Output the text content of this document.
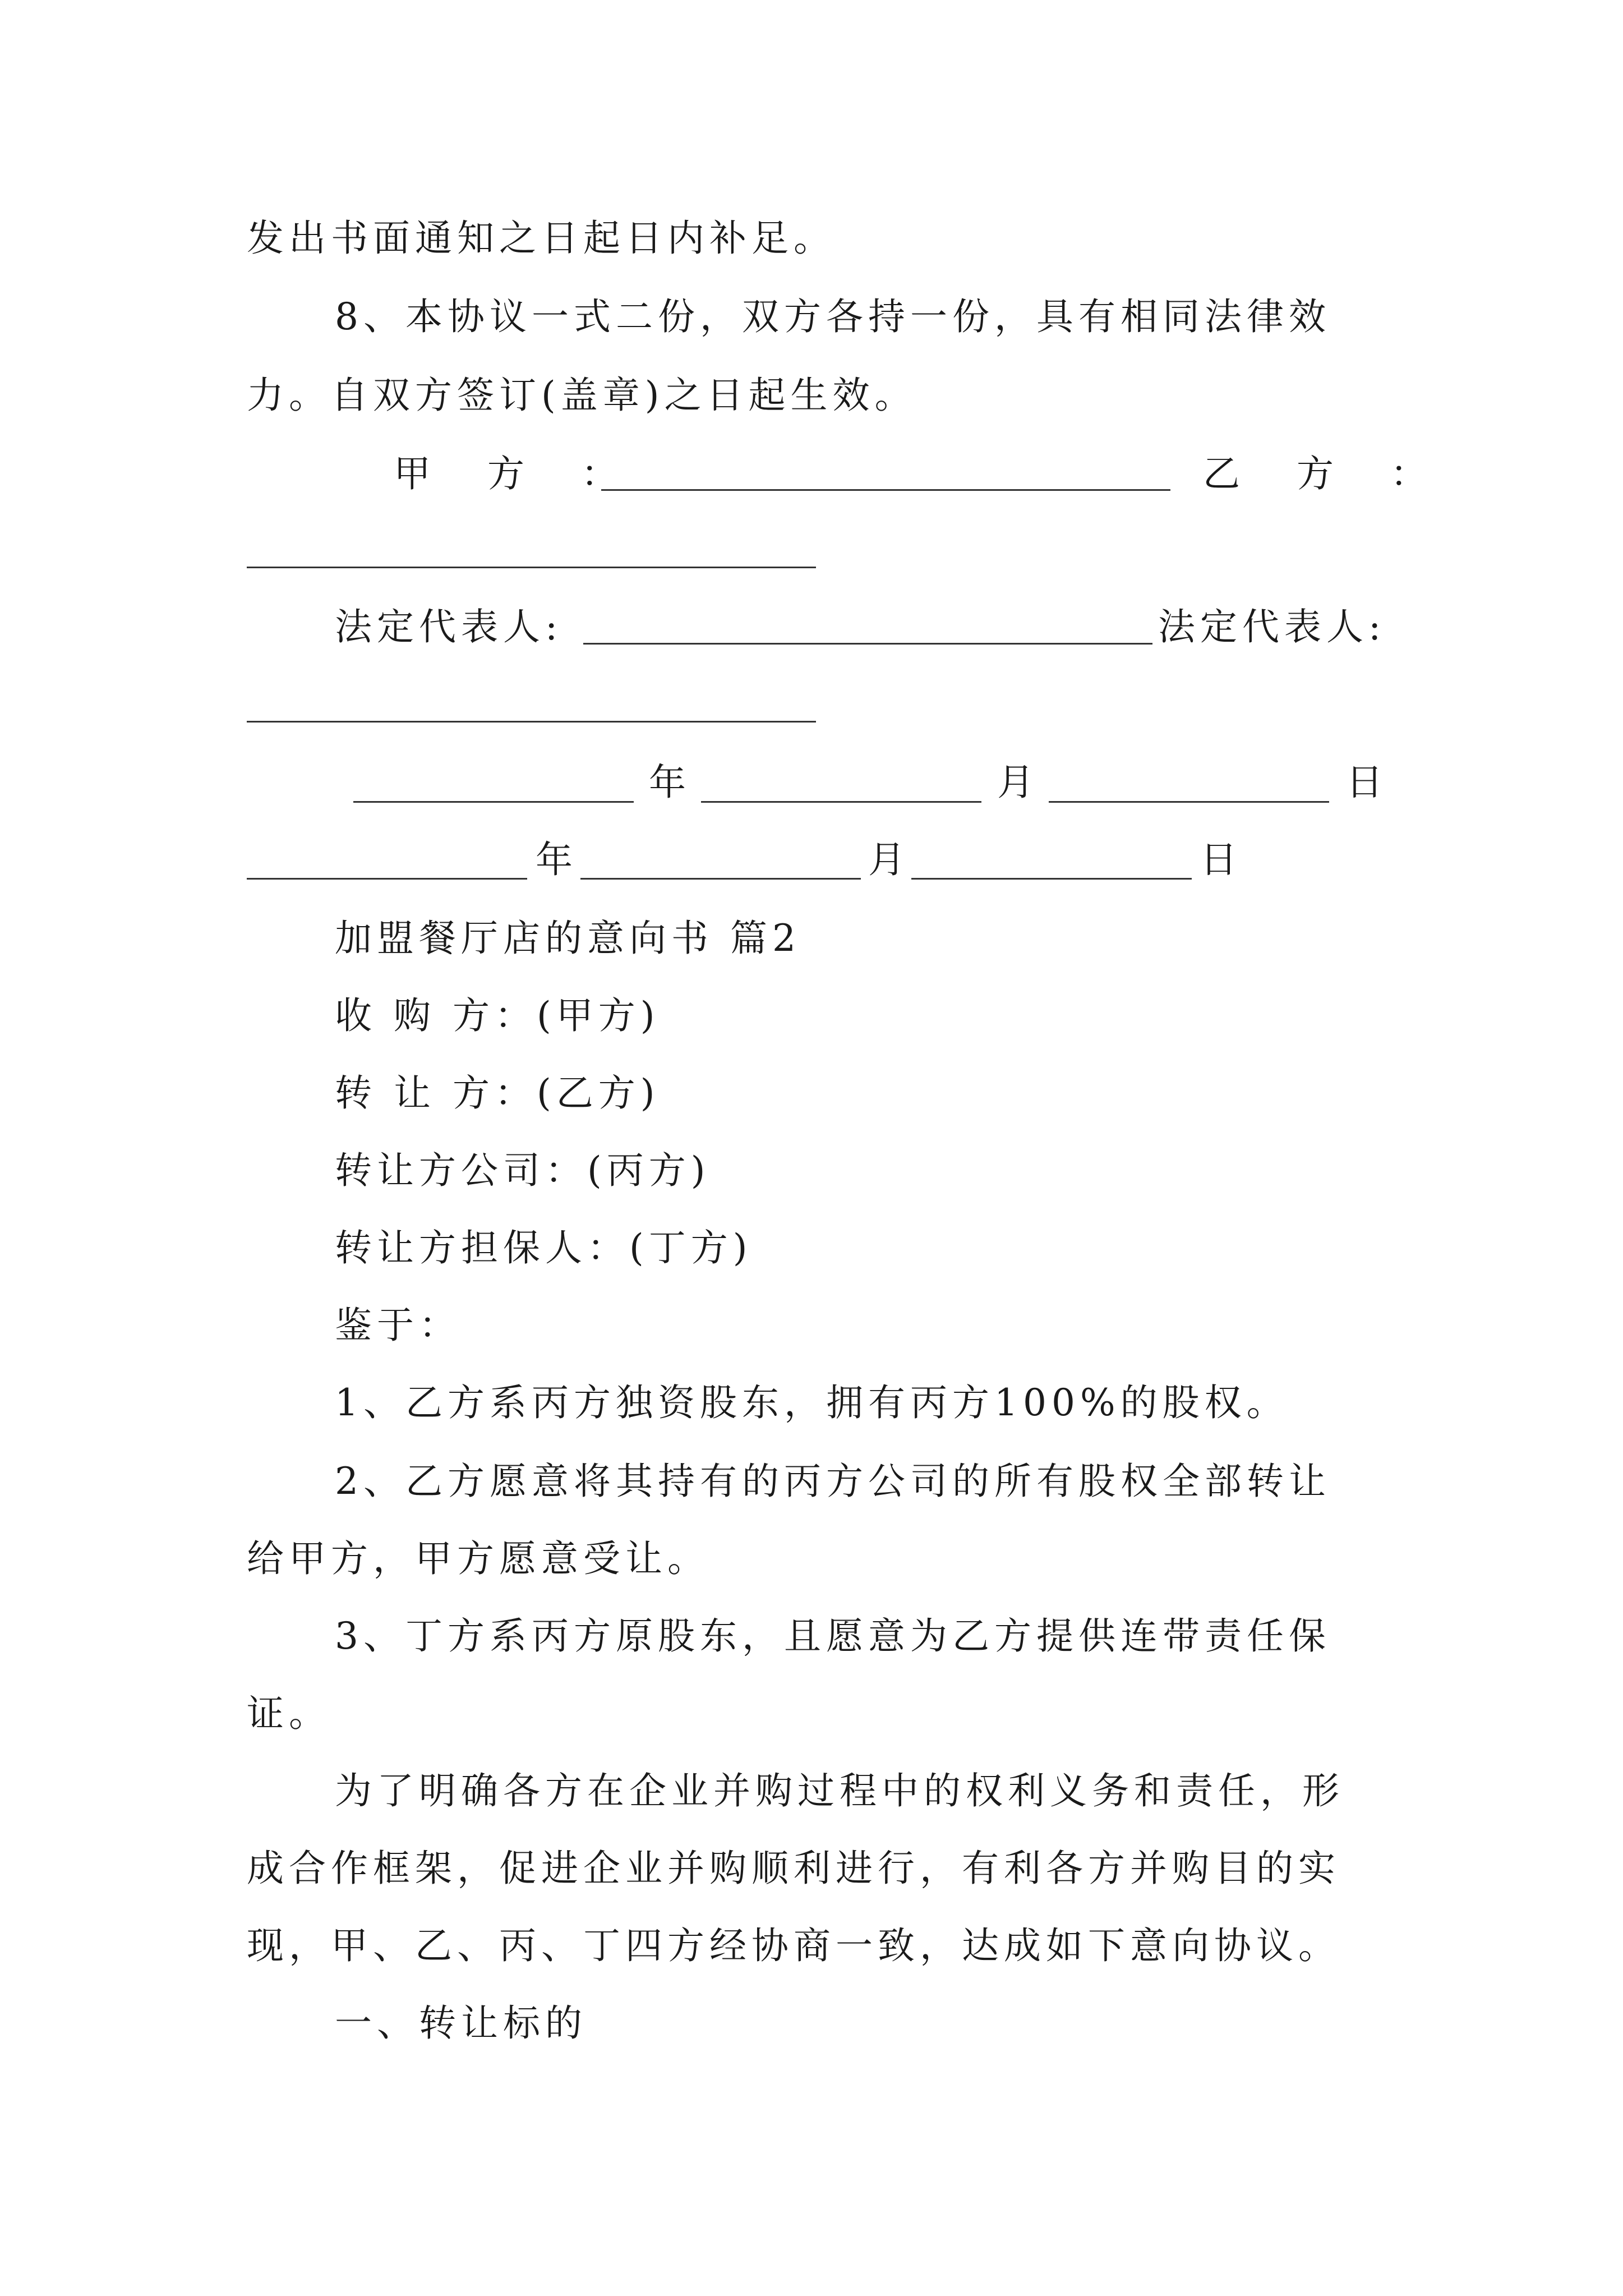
发出书面通知之日起日内补足。
8、本协议一式二份，双方各持一份，具有相同法律效
力。自双方签订(盖章)之日起生效。
甲 方 ：	乙 方 ：
法定代表人:	法定代表人:
年	月	日
年	月	日
加盟餐厅店的意向书 篇2
收 购 方：(甲方)
转 让 方：(乙方)
转让方公司：(丙方)
转让方担保人：(丁方)
鉴于：
1、乙方系丙方独资股东，拥有丙方100%的股权。
2、乙方愿意将其持有的丙方公司的所有股权全部转让
给甲方，甲方愿意受让。
3、丁方系丙方原股东，且愿意为乙方提供连带责任保
证。
为了明确各方在企业并购过程中的权利义务和责任，形
成合作框架，促进企业并购顺利进行，有利各方并购目的实
现，甲、乙、丙、丁四方经协商一致，达成如下意向协议。
一、转让标的
